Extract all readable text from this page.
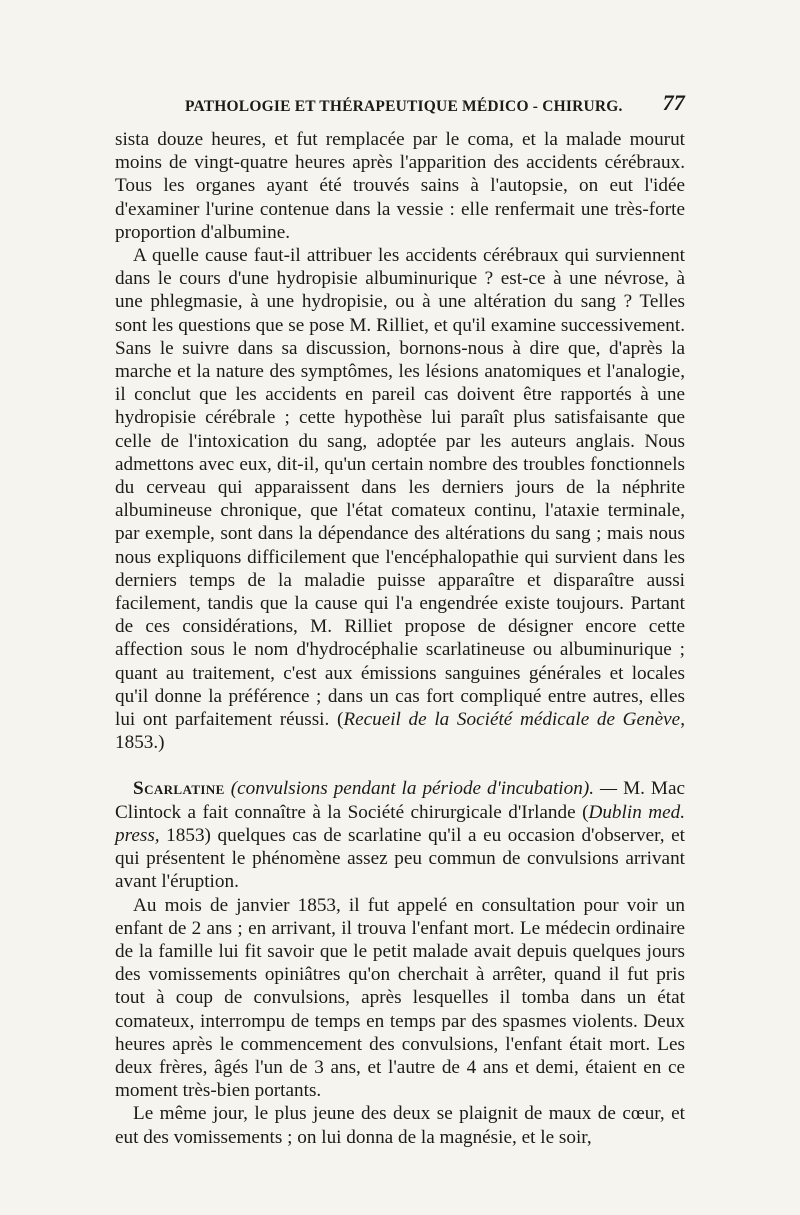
PATHOLOGIE ET THÉRAPEUTIQUE MÉDICO - CHIRURG. 77

sista douze heures, et fut remplacée par le coma, et la malade mourut moins de vingt-quatre heures après l'apparition des accidents cérébraux. Tous les organes ayant été trouvés sains à l'autopsie, on eut l'idée d'examiner l'urine contenue dans la vessie : elle renfermait une très-forte proportion d'albumine.

A quelle cause faut-il attribuer les accidents cérébraux qui surviennent dans le cours d'une hydropisie albuminurique ? est-ce à une névrose, à une phlegmasie, à une hydropisie, ou à une altération du sang ? Telles sont les questions que se pose M. Rilliet, et qu'il examine successivement. Sans le suivre dans sa discussion, bornons-nous à dire que, d'après la marche et la nature des symptômes, les lésions anatomiques et l'analogie, il conclut que les accidents en pareil cas doivent être rapportés à une hydropisie cérébrale ; cette hypothèse lui paraît plus satisfaisante que celle de l'intoxication du sang, adoptée par les auteurs anglais. Nous admettons avec eux, dit-il, qu'un certain nombre des troubles fonctionnels du cerveau qui apparaissent dans les derniers jours de la néphrite albumineuse chronique, que l'état comateux continu, l'ataxie terminale, par exemple, sont dans la dépendance des altérations du sang ; mais nous nous expliquons difficilement que l'encéphalopathie qui survient dans les derniers temps de la maladie puisse apparaître et disparaître aussi facilement, tandis que la cause qui l'a engendrée existe toujours. Partant de ces considérations, M. Rilliet propose de désigner encore cette affection sous le nom d'hydrocéphalie scarlatineuse ou albuminurique ; quant au traitement, c'est aux émissions sanguines générales et locales qu'il donne la préférence ; dans un cas fort compliqué entre autres, elles lui ont parfaitement réussi. (Recueil de la Société médicale de Genève, 1853.)

Scarlatine (convulsions pendant la période d'incubation). — M. Mac Clintock a fait connaître à la Société chirurgicale d'Irlande (Dublin med. press, 1853) quelques cas de scarlatine qu'il a eu occasion d'observer, et qui présentent le phénomène assez peu commun de convulsions arrivant avant l'éruption.

Au mois de janvier 1853, il fut appelé en consultation pour voir un enfant de 2 ans ; en arrivant, il trouva l'enfant mort. Le médecin ordinaire de la famille lui fit savoir que le petit malade avait depuis quelques jours des vomissements opiniâtres qu'on cherchait à arrêter, quand il fut pris tout à coup de convulsions, après lesquelles il tomba dans un état comateux, interrompu de temps en temps par des spasmes violents. Deux heures après le commencement des convulsions, l'enfant était mort. Les deux frères, âgés l'un de 3 ans, et l'autre de 4 ans et demi, étaient en ce moment très-bien portants.

Le même jour, le plus jeune des deux se plaignit de maux de cœur, et eut des vomissements ; on lui donna de la magnésie, et le soir,
